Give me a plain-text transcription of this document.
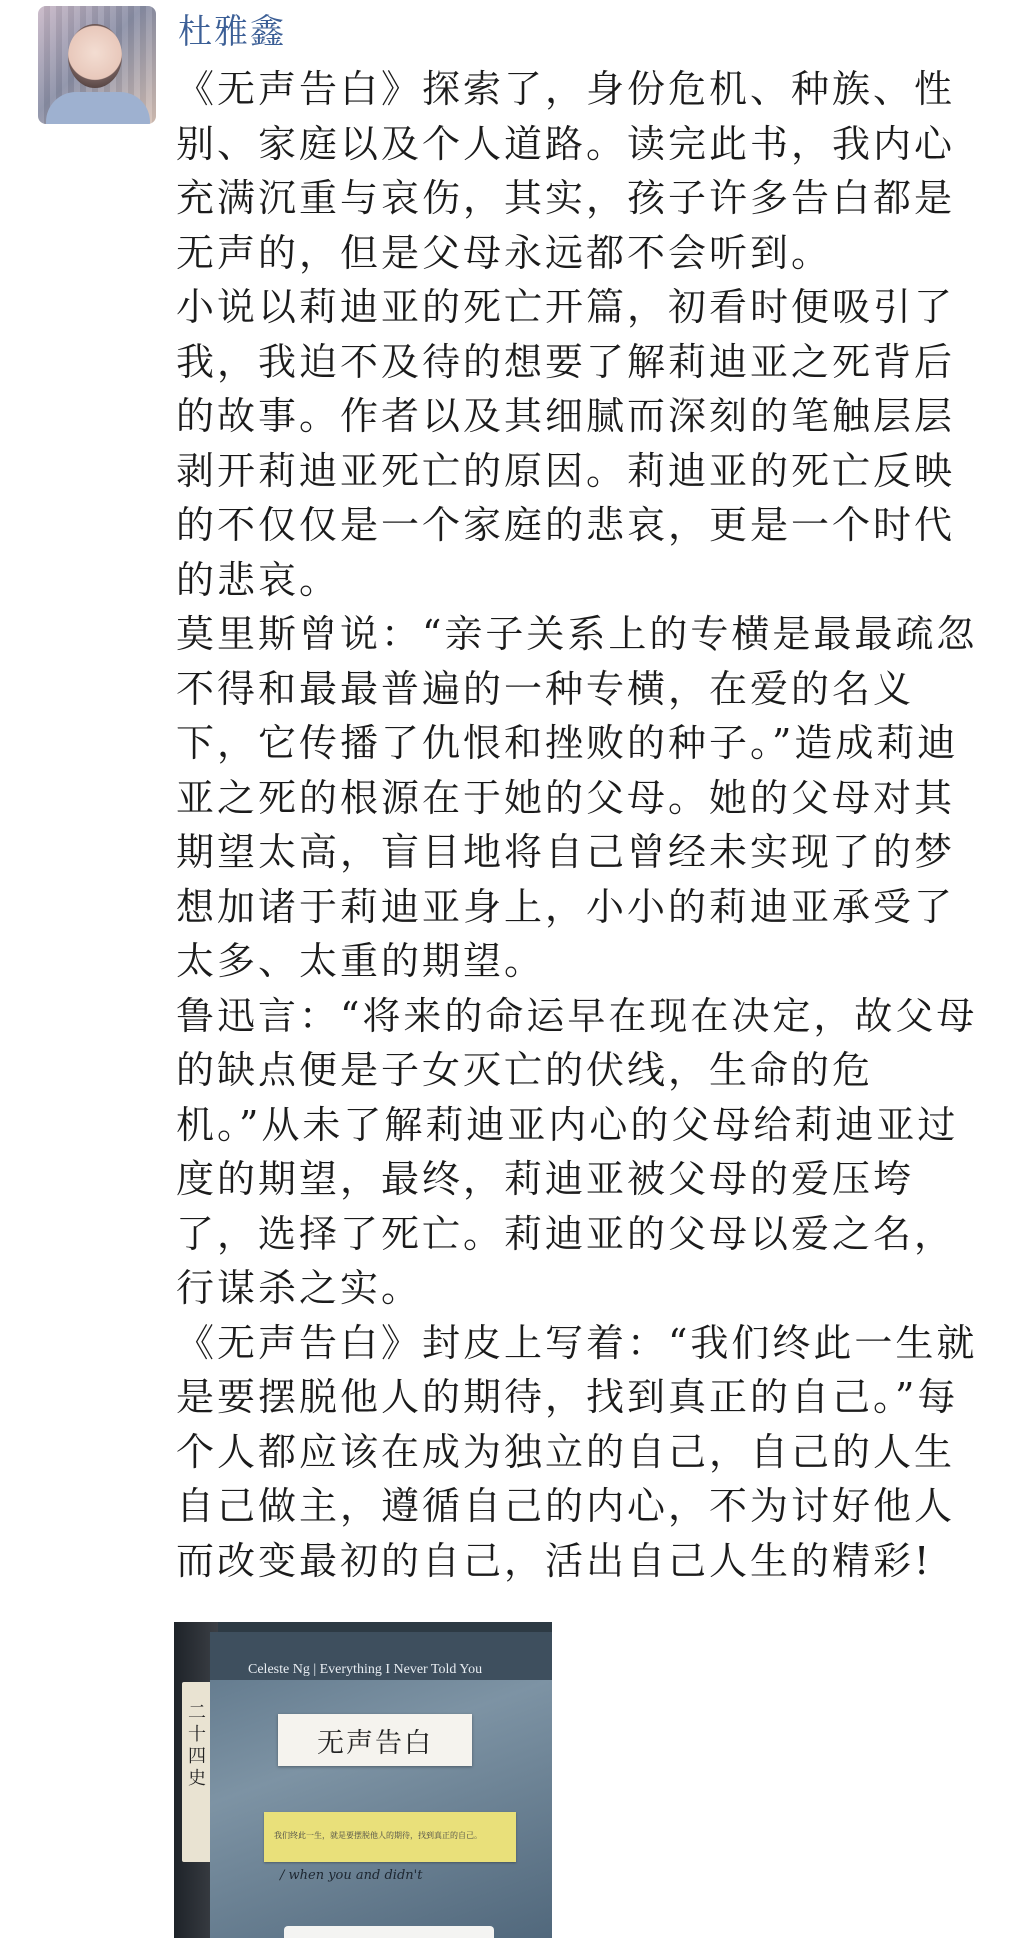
杜雅鑫

《无声告白》探索了，身份危机、种族、性别、家庭以及个人道路。读完此书，我内心充满沉重与哀伤，其实，孩子许多告白都是无声的，但是父母永远都不会听到。

小说以莉迪亚的死亡开篇，初看时便吸引了我，我迫不及待的想要了解莉迪亚之死背后的故事。作者以及其细腻而深刻的笔触层层剥开莉迪亚死亡的原因。莉迪亚的死亡反映的不仅仅是一个家庭的悲哀，更是一个时代的悲哀。

莫里斯曾说：“亲子关系上的专横是最最疏忽不得和最最普遍的一种专横，在爱的名义下，它传播了仇恨和挫败的种子。”造成莉迪亚之死的根源在于她的父母。她的父母对其期望太高，盲目地将自己曾经未实现了的梦想加诸于莉迪亚身上，小小的莉迪亚承受了太多、太重的期望。

鲁迅言：“将来的命运早在现在决定，故父母的缺点便是子女灭亡的伏线，生命的危机。”从未了解莉迪亚内心的父母给莉迪亚过度的期望，最终，莉迪亚被父母的爱压垮了，选择了死亡。莉迪亚的父母以爱之名，行谋杀之实。

《无声告白》封皮上写着：“我们终此一生就是要摆脱他人的期待，找到真正的自己。”每个人都应该在成为独立的自己，自己的人生自己做主，遵循自己的内心，不为讨好他人而改变最初的自己，活出自己人生的精彩!

二十四史
Celeste Ng | Everything I Never Told You
无声告白
我们终此一生，就是要摆脱他人的期待，找到真正的自己。
/ when you and didn't
